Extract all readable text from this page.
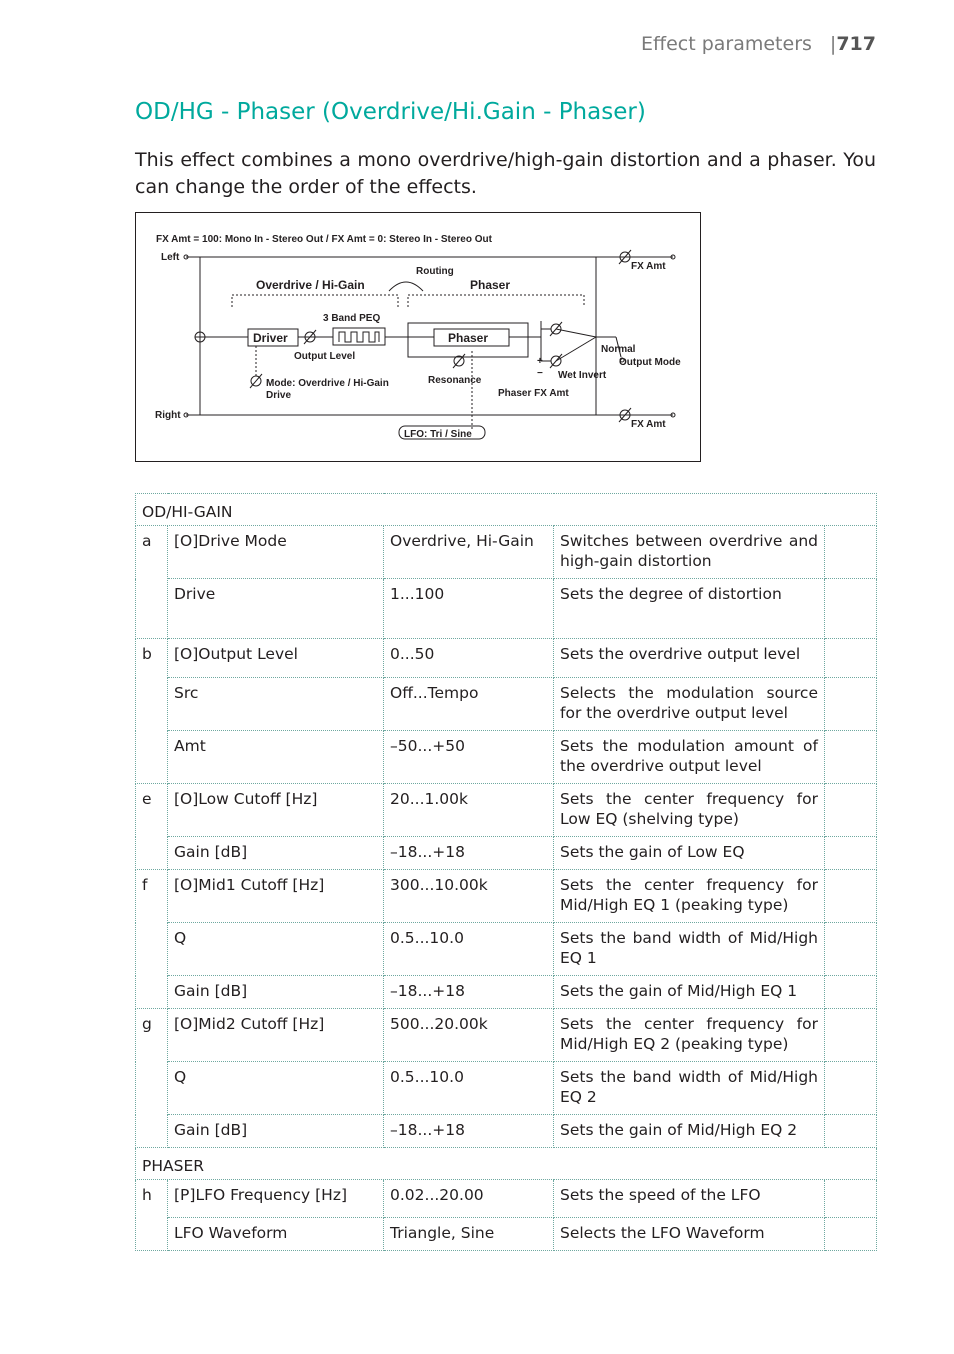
Effect parameters |717
OD/HG - Phaser (Overdrive/Hi.Gain - Phaser)
This effect combines a mono overdrive/high-gain distortion and a phaser. You can change the order of the effects.
FX Amt = 100: Mono In - Stereo Out / FX Amt = 0: Stereo In - Stereo Out
Left
Right
Overdrive / Hi-Gain
Routing
Phaser
3 Band PEQ
Driver	Phaser
Output Level
Mode: Overdrive / Hi-Gain
Drive
Resonance
Phaser FX Amt
LFO: Tri / Sine
Normal
Output Mode
Wet Invert
+
−
FX Amt
FX Amt
OD/HI-GAIN				
a	[O]Drive Mode	Overdrive, Hi-Gain	Switches between overdrive and
high-gain distortion	

	Drive	1...100	Sets the degree of distortion	

b	[O]Output Level	0...50	Sets the overdrive output level	

	Src	Off...Tempo	Selects the modulation source
for the overdrive output level	

	Amt	–50...+50	Sets the modulation amount of
the overdrive output level	

e	[O]Low Cutoff [Hz]	20...1.00k	Sets the center frequency for
Low EQ (shelving type)	

	Gain [dB]	–18...+18	Sets the gain of Low EQ	

f	[O]Mid1 Cutoff [Hz]	300...10.00k	Sets the center frequency for
Mid/High EQ 1 (peaking type)	

	Q	0.5...10.0	Sets the band width of Mid/High
EQ 1	

	Gain [dB]	–18...+18	Sets the gain of Mid/High EQ 1	

g	[O]Mid2 Cutoff [Hz]	500...20.00k	Sets the center frequency for
Mid/High EQ 2 (peaking type)	

	Q	0.5...10.0	Sets the band width of Mid/High
EQ 2	

	Gain [dB]	–18...+18	Sets the gain of Mid/High EQ 2	

PHASER				
h	[P]LFO Frequency [Hz]	0.02...20.00	Sets the speed of the LFO	

	LFO Waveform	Triangle, Sine	Selects the LFO Waveform	
